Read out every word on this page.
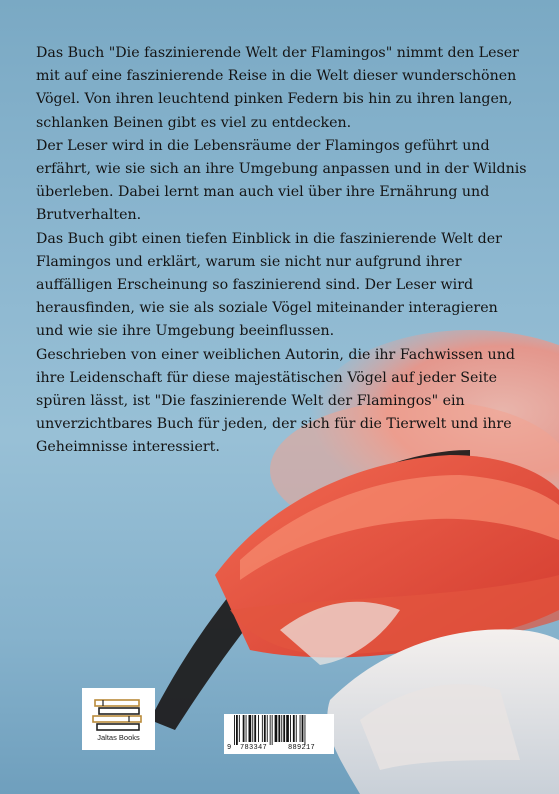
Das Buch "Die faszinierende Welt der Flamingos" nimmt den Leser mit auf eine faszinierende Reise in die Welt dieser wunderschönen Vögel. Von ihren leuchtend pinken Federn bis hin zu ihren langen, schlanken Beinen gibt es viel zu entdecken.

Der Leser wird in die Lebensräume der Flamingos geführt und erfährt, wie sie sich an ihre Umgebung anpassen und in der Wildnis überleben. Dabei lernt man auch viel über ihre Ernährung und Brutverhalten.

Das Buch gibt einen tiefen Einblick in die faszinierende Welt der Flamingos und erklärt, warum sie nicht nur aufgrund ihrer auffälligen Erscheinung so faszinierend sind. Der Leser wird herausfinden, wie sie als soziale Vögel miteinander interagieren und wie sie ihre Umgebung beeinflussen.

Geschrieben von einer weiblichen Autorin, die ihr Fachwissen und ihre Leidenschaft für diese majestätischen Vögel auf jeder Seite spüren lässt, ist "Die faszinierende Welt der Flamingos" ein unverzichtbares Buch für jeden, der sich für die Tierwelt und ihre Geheimnisse interessiert.

Jaltas Books
9 783347	889217
